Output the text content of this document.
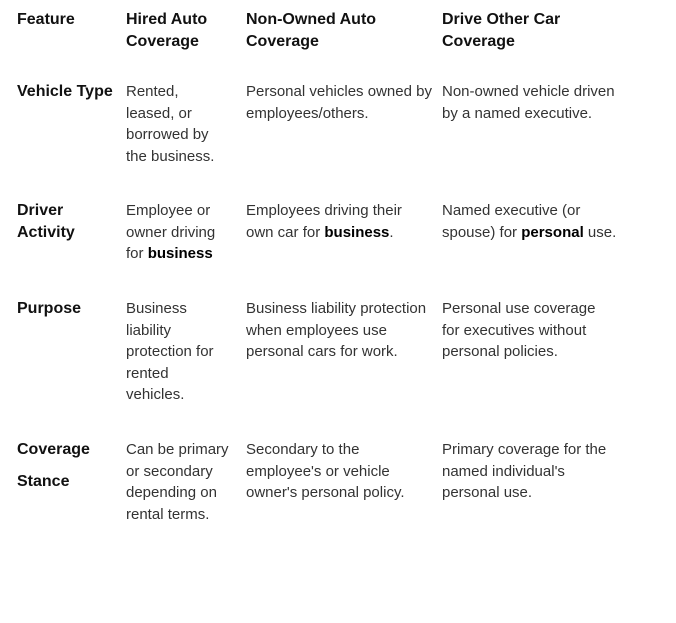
Feature	Hired Auto Coverage
Non-Owned Auto Coverage
Drive Other Car Coverage
Vehicle Type Rented, leased, or borrowed by the business.
Personal vehicles owned by employees/others.
Non-owned vehicle driven by a named executive.
Driver Activity
Employee or owner driving for business
Employees driving their own car for business.
Named executive (or spouse) for personal use.
Purpose	Business liability protection for rented vehicles.
Business liability protection when employees use personal cars for work.
Personal use coverage for executives without personal policies.
Coverage
Stance
Can be primary or secondary depending on rental terms.
Secondary to the employee's or vehicle owner's personal policy.
Primary coverage for the named individual's personal use.
